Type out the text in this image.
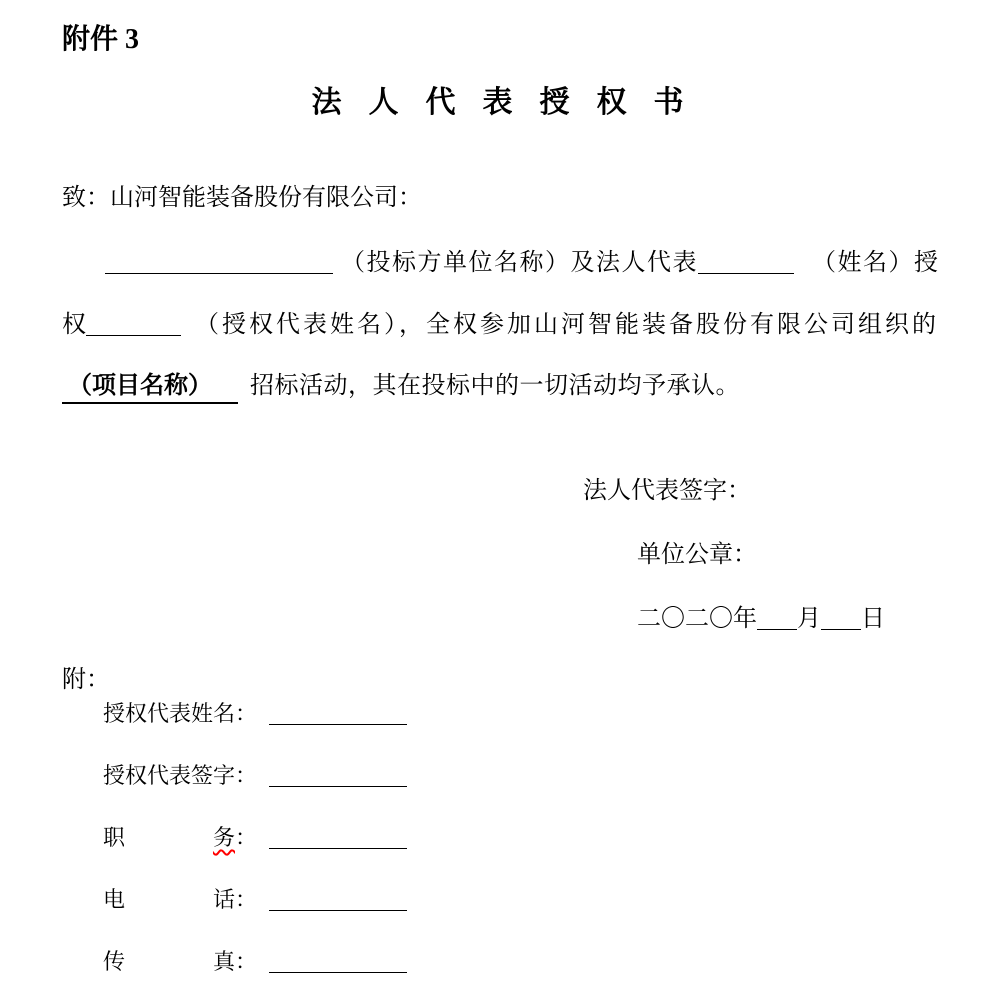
附件 3
法人代表授权书
致：山河智能装备股份有限公司：
（投标方单位名称）及法人代表	（姓名）授
权	（授权代表姓名），全权参加山河智能装备股份有限公司组织的
（项目名称） 招标活动，其在投标中的一切活动均予承认。
法人代表签字：
单位公章：
二〇二〇年 月 日
附：
授权代表姓名：
授权代表签字：
职	务 ：
电	话 ：
传	真 ：
